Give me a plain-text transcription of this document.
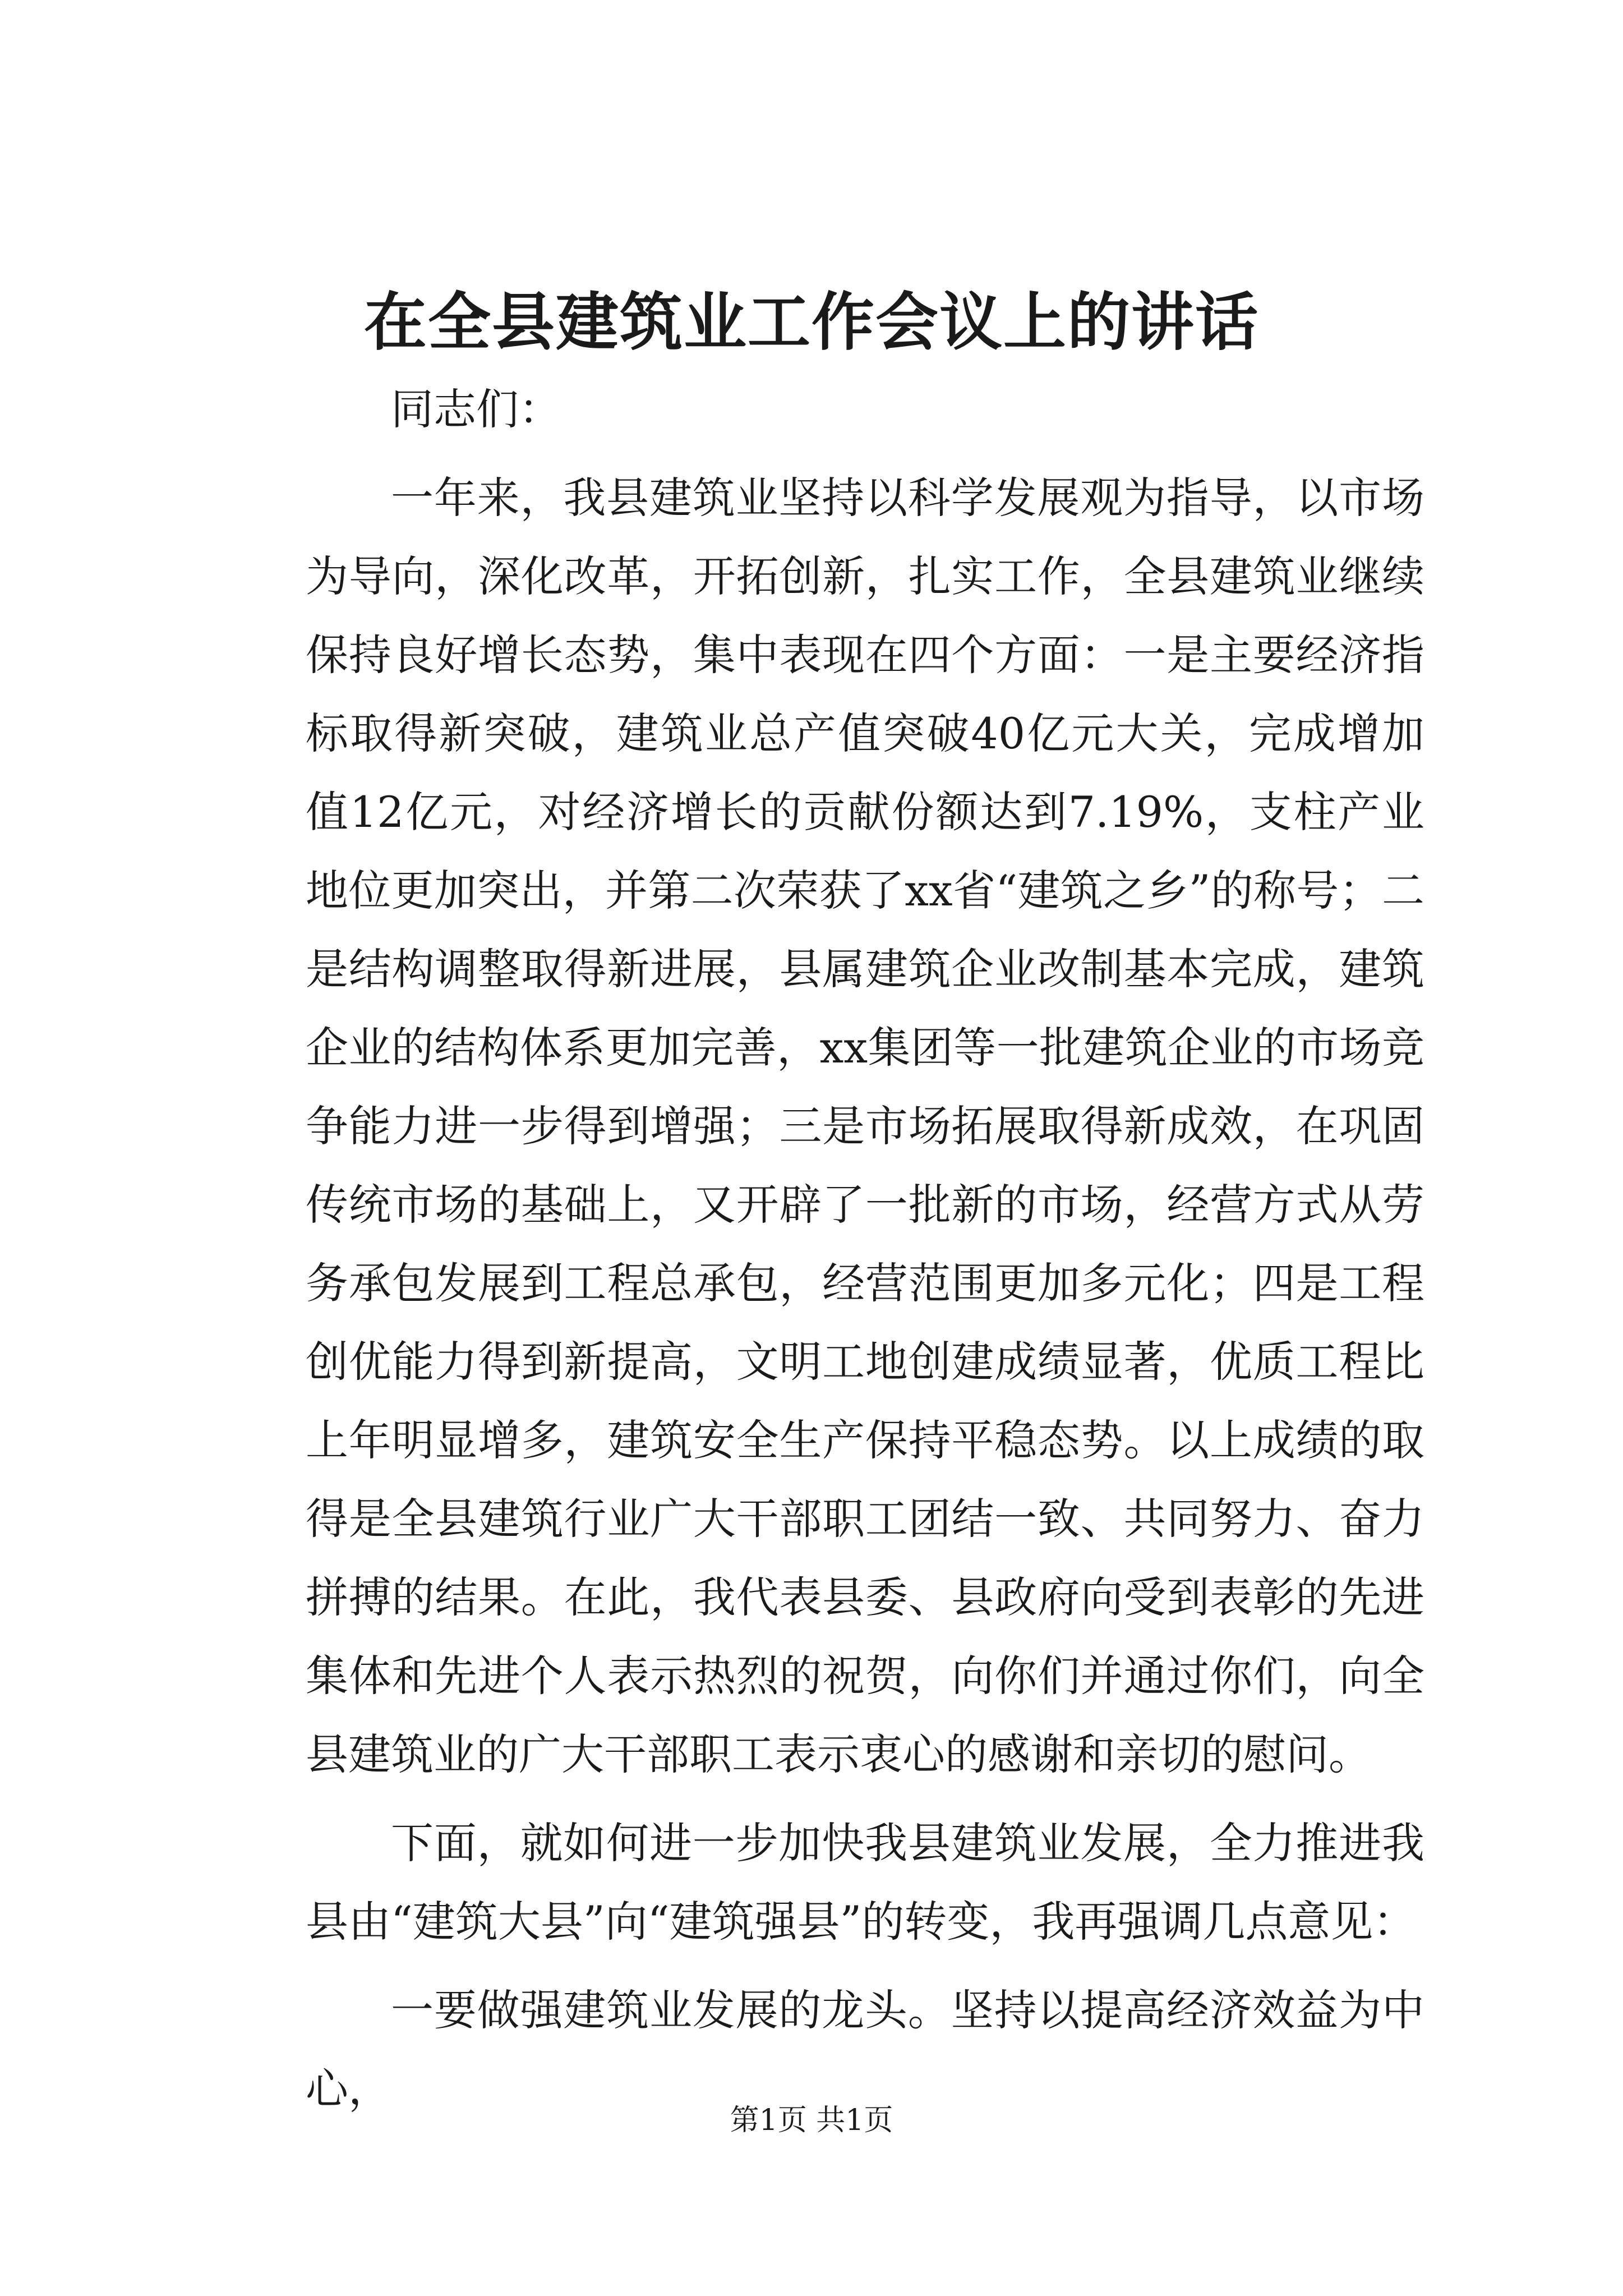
在全县建筑业工作会议上的讲话

同志们：

一年来，我县建筑业坚持以科学发展观为指导，以市场为导向，深化改革，开拓创新，扎实工作，全县建筑业继续保持良好增长态势，集中表现在四个方面：一是主要经济指标取得新突破，建筑业总产值突破40亿元大关，完成增加值12亿元，对经济增长的贡献份额达到7.19%，支柱产业地位更加突出，并第二次荣获了xx省“建筑之乡”的称号；二是结构调整取得新进展，县属建筑企业改制基本完成，建筑企业的结构体系更加完善，xx集团等一批建筑企业的市场竞争能力进一步得到增强；三是市场拓展取得新成效，在巩固传统市场的基础上，又开辟了一批新的市场，经营方式从劳务承包发展到工程总承包，经营范围更加多元化；四是工程创优能力得到新提高，文明工地创建成绩显著，优质工程比上年明显增多，建筑安全生产保持平稳态势。以上成绩的取得是全县建筑行业广大干部职工团结一致、共同努力、奋力拼搏的结果。在此，我代表县委、县政府向受到表彰的先进集体和先进个人表示热烈的祝贺，向你们并通过你们，向全县建筑业的广大干部职工表示衷心的感谢和亲切的慰问。

下面，就如何进一步加快我县建筑业发展，全力推进我县由“建筑大县”向“建筑强县”的转变，我再强调几点意见：

一要做强建筑业发展的龙头。坚持以提高经济效益为中心，

第1页 共1页
